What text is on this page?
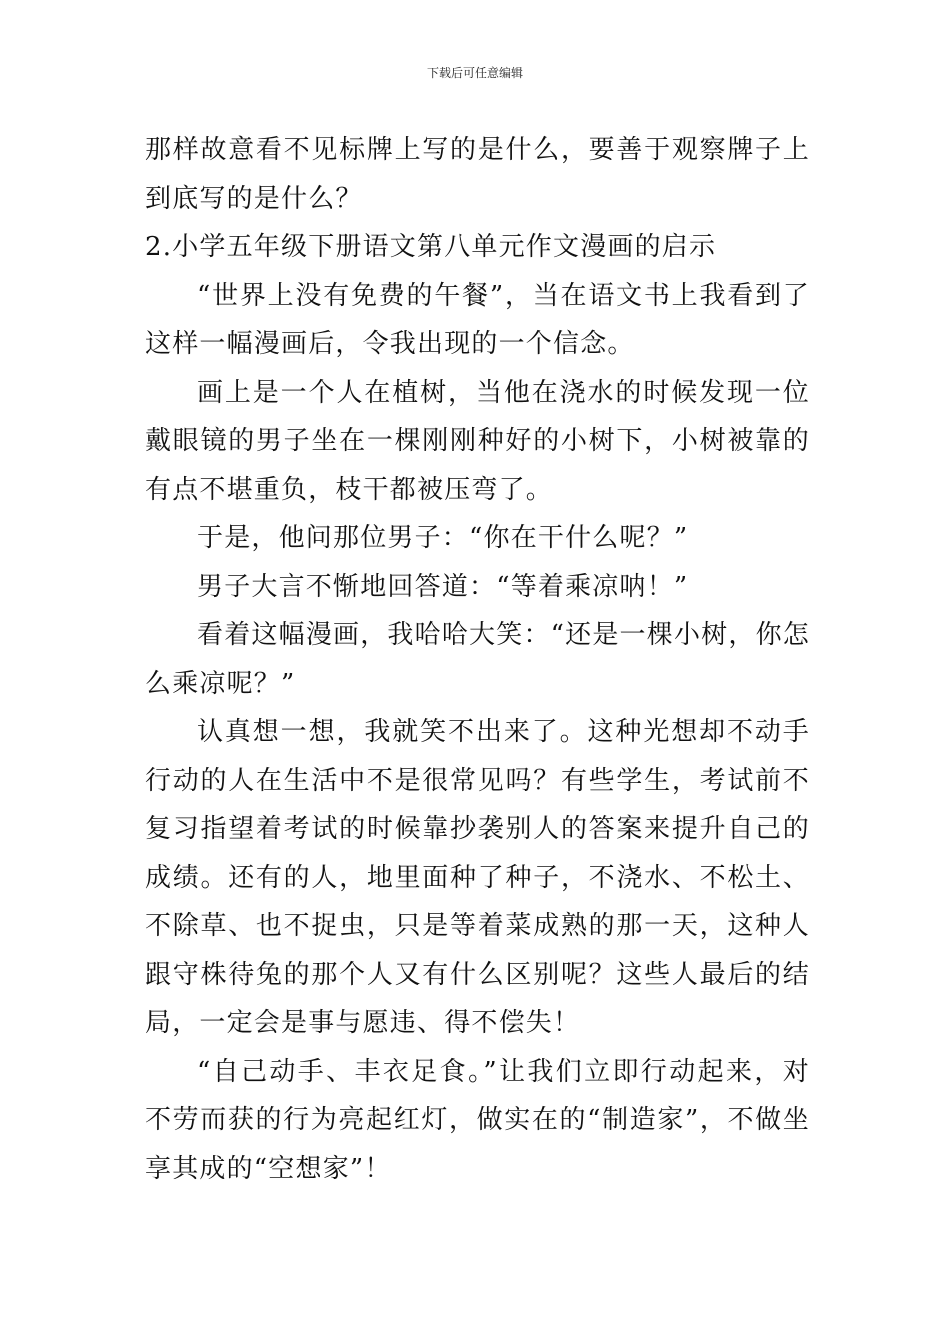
下载后可任意编辑

那样故意看不见标牌上写的是什么，要善于观察牌子上到底写的是什么？

2.小学五年级下册语文第八单元作文漫画的启示

“世界上没有免费的午餐”，当在语文书上我看到了这样一幅漫画后，令我出现的一个信念。

画上是一个人在植树，当他在浇水的时候发现一位戴眼镜的男子坐在一棵刚刚种好的小树下，小树被靠的有点不堪重负，枝干都被压弯了。

于是，他问那位男子：“你在干什么呢？”

男子大言不惭地回答道：“等着乘凉呐！”

看着这幅漫画，我哈哈大笑：“还是一棵小树，你怎么乘凉呢？”

认真想一想，我就笑不出来了。这种光想却不动手行动的人在生活中不是很常见吗？有些学生，考试前不复习指望着考试的时候靠抄袭别人的答案来提升自己的成绩。还有的人，地里面种了种子，不浇水、不松土、不除草、也不捉虫，只是等着菜成熟的那一天，这种人跟守株待兔的那个人又有什么区别呢？这些人最后的结局，一定会是事与愿违、得不偿失！

“自己动手、丰衣足食。”让我们立即行动起来，对不劳而获的行为亮起红灯，做实在的“制造家”，不做坐享其成的“空想家”！
